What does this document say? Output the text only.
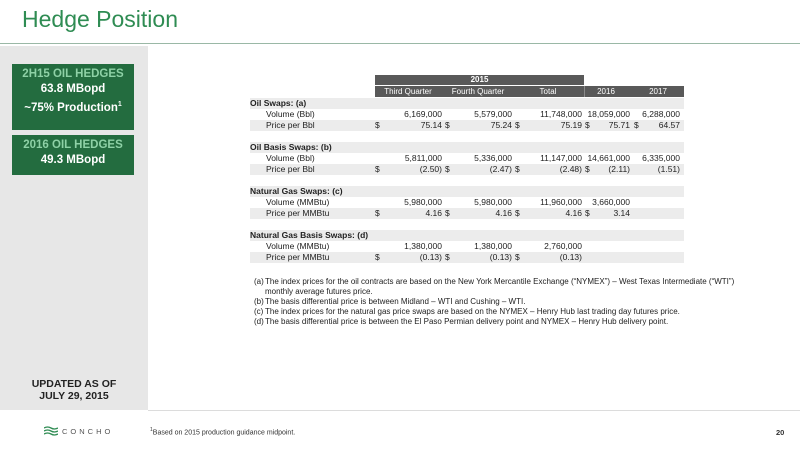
Hedge Position
2H15 OIL HEDGES
63.8 MBopd
~75% Production$^1$
2016 OIL HEDGES
49.3 MBopd
UPDATED AS OF
JULY 29, 2015
2015
Third Quarter	Fourth Quarter	Total	2016	2017
Oil Swaps: (a)
Volume (Bbl)	6,169,000	5,579,000	11,748,000 18,059,000	6,288,000
Price per Bbl	$	75.14 $	75.24 $	75.19 $	75.71 $	64.57
Oil Basis Swaps: (b)
Volume (Bbl)	5,811,000	5,336,000	11,147,000 14,661,000	6,335,000
Price per Bbl	$	(2.50) $	(2.47) $	(2.48) $	(2.11)	(1.51)
Natural Gas Swaps: (c)
Volume (MMBtu)	5,980,000	5,980,000	11,960,000	3,660,000
Price per MMBtu	$	4.16 $	4.16 $	4.16 $	3.14
Natural Gas Basis Swaps: (d)
Volume (MMBtu)	1,380,000	1,380,000	2,760,000
Price per MMBtu	$	(0.13) $	(0.13) $	(0.13)
(a) The index prices for the oil contracts are based on the New York Mercantile Exchange (“NYMEX”) – West Texas Intermediate (“WTI”) monthly average futures price.
(b) The basis differential price is between Midland – WTI and Cushing – WTI.
(c) The index prices for the natural gas price swaps are based on the NYMEX – Henry Hub last trading day futures price.
(d) The basis differential price is between the El Paso Permian delivery point and NYMEX – Henry Hub delivery point.
CONCHO	$^1$Based on 2015 production guidance midpoint.	20
